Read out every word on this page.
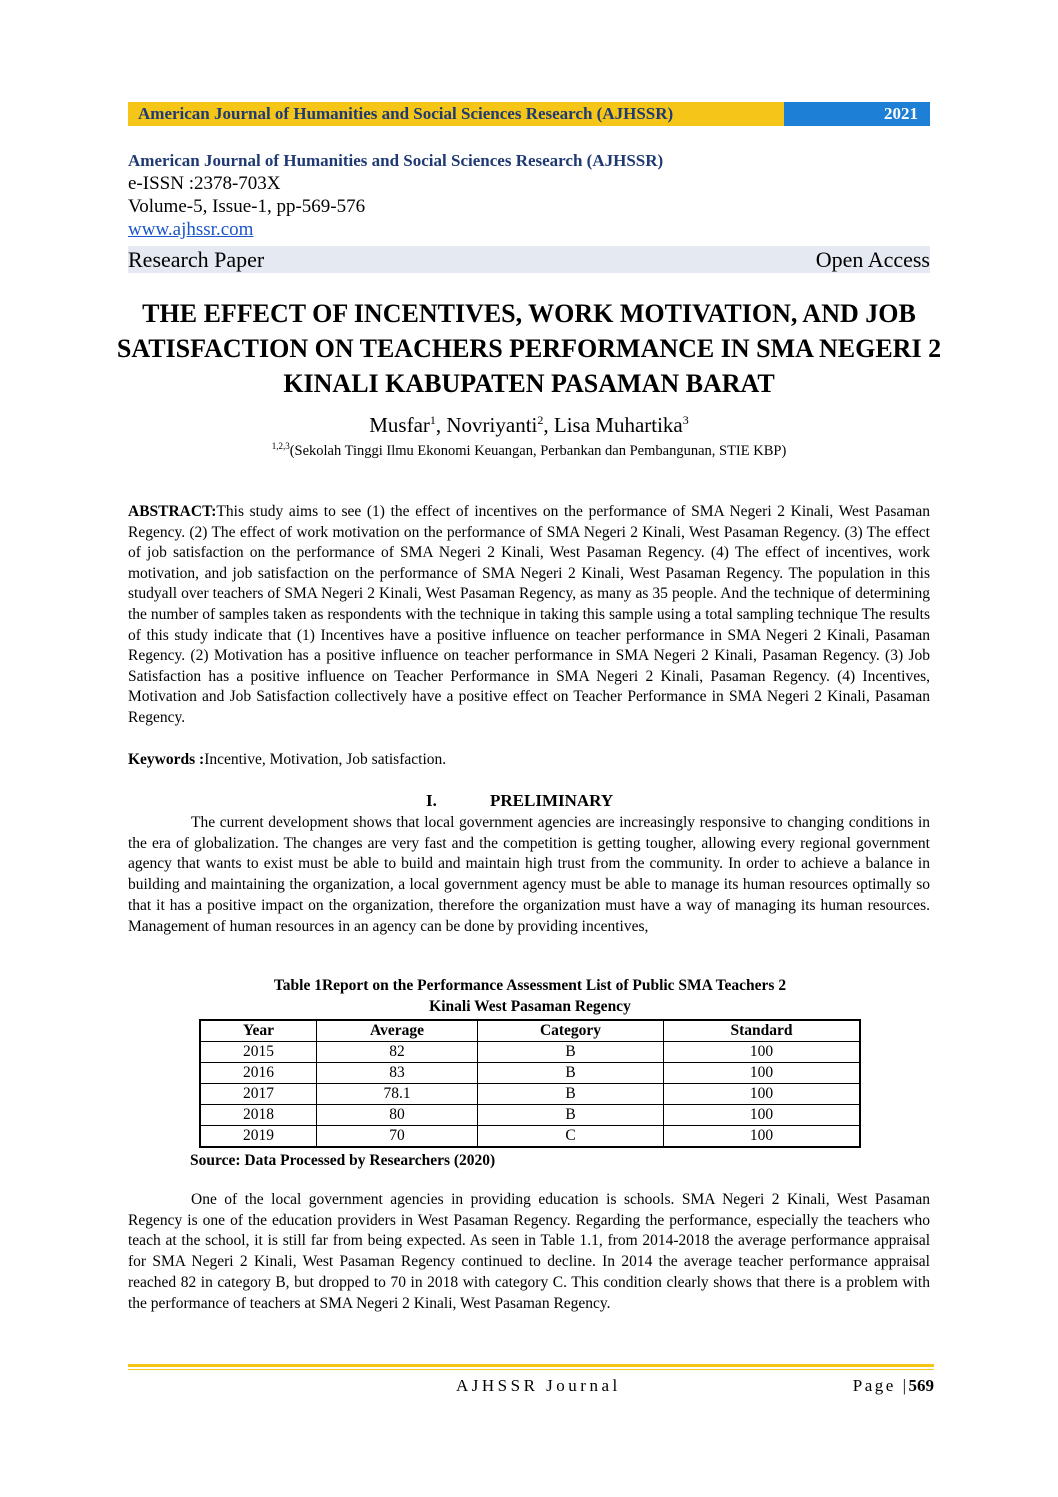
American Journal of Humanities and Social Sciences Research (AJHSSR)	2021
American Journal of Humanities and Social Sciences Research (AJHSSR)
e-ISSN :2378-703X
Volume-5, Issue-1, pp-569-576
www.ajhssr.com
Research Paper	Open Access
THE EFFECT OF INCENTIVES, WORK MOTIVATION, AND JOB SATISFACTION ON TEACHERS PERFORMANCE IN SMA NEGERI 2 KINALI KABUPATEN PASAMAN BARAT
Musfar$^1$, Novriyanti$^2$, Lisa Muhartika$^3$
$^{1,2,3}$(Sekolah Tinggi Ilmu Ekonomi Keuangan, Perbankan dan Pembangunan, STIE KBP)
ABSTRACT:This study aims to see (1) the effect of incentives on the performance of SMA Negeri 2 Kinali, West Pasaman Regency. (2) The effect of work motivation on the performance of SMA Negeri 2 Kinali, West Pasaman Regency. (3) The effect of job satisfaction on the performance of SMA Negeri 2 Kinali, West Pasaman Regency. (4) The effect of incentives, work motivation, and job satisfaction on the performance of SMA Negeri 2 Kinali, West Pasaman Regency. The population in this studyall over teachers of SMA Negeri 2 Kinali, West Pasaman Regency, as many as 35 people. And the technique of determining the number of samples taken as respondents with the technique in taking this sample using a total sampling technique The results of this study indicate that (1) Incentives have a positive influence on teacher performance in SMA Negeri 2 Kinali, Pasaman Regency. (2) Motivation has a positive influence on teacher performance in SMA Negeri 2 Kinali, Pasaman Regency. (3) Job Satisfaction has a positive influence on Teacher Performance in SMA Negeri 2 Kinali, Pasaman Regency. (4) Incentives, Motivation and Job Satisfaction collectively have a positive effect on Teacher Performance in SMA Negeri 2 Kinali, Pasaman Regency.
Keywords :Incentive, Motivation, Job satisfaction.
I.	PRELIMINARY
The current development shows that local government agencies are increasingly responsive to changing conditions in the era of globalization. The changes are very fast and the competition is getting tougher, allowing every regional government agency that wants to exist must be able to build and maintain high trust from the community. In order to achieve a balance in building and maintaining the organization, a local government agency must be able to manage its human resources optimally so that it has a positive impact on the organization, therefore the organization must have a way of managing its human resources. Management of human resources in an agency can be done by providing incentives,
Table 1Report on the Performance Assessment List of Public SMA Teachers 2
Kinali West Pasaman Regency
Year	Average	Category	Standard
2015	82	B	100
2016	83	B	100
2017	78.1	B	100
2018	80	B	100
2019	70	C	100
Source: Data Processed by Researchers (2020)
One of the local government agencies in providing education is schools. SMA Negeri 2 Kinali, West Pasaman Regency is one of the education providers in West Pasaman Regency. Regarding the performance, especially the teachers who teach at the school, it is still far from being expected. As seen in Table 1.1, from 2014-2018 the average performance appraisal for SMA Negeri 2 Kinali, West Pasaman Regency continued to decline. In 2014 the average teacher performance appraisal reached 82 in category B, but dropped to 70 in 2018 with category C. This condition clearly shows that there is a problem with the performance of teachers at SMA Negeri 2 Kinali, West Pasaman Regency.
AJHSSR Journal	Page |569
